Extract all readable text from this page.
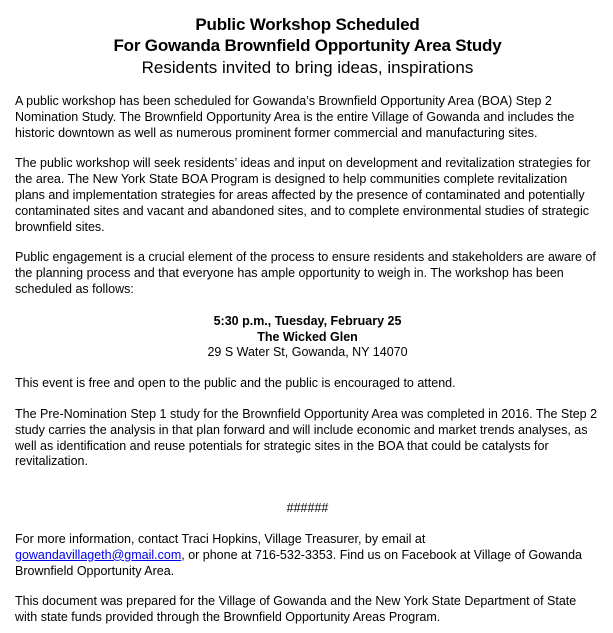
Public Workshop Scheduled
For Gowanda Brownfield Opportunity Area Study
Residents invited to bring ideas, inspirations

A public workshop has been scheduled for Gowanda’s Brownfield Opportunity Area (BOA) Step 2 Nomination Study. The Brownfield Opportunity Area is the entire Village of Gowanda and includes the historic downtown as well as numerous prominent former commercial and manufacturing sites.

The public workshop will seek residents’ ideas and input on development and revitalization strategies for the area. The New York State BOA Program is designed to help communities complete revitalization plans and implementation strategies for areas affected by the presence of contaminated and potentially contaminated sites and vacant and abandoned sites, and to complete environmental studies of strategic brownfield sites.

Public engagement is a crucial element of the process to ensure residents and stakeholders are aware of the planning process and that everyone has ample opportunity to weigh in. The workshop has been scheduled as follows:

5:30 p.m., Tuesday, February 25
The Wicked Glen
29 S Water St, Gowanda, NY 14070

This event is free and open to the public and the public is encouraged to attend.

The Pre-Nomination Step 1 study for the Brownfield Opportunity Area was completed in 2016. The Step 2 study carries the analysis in that plan forward and will include economic and market trends analyses, as well as identification and reuse potentials for strategic sites in the BOA that could be catalysts for revitalization.

######

For more information, contact Traci Hopkins, Village Treasurer, by email at
gowandavillageth@gmail.com, or phone at 716-532-3353. Find us on Facebook at Village of Gowanda Brownfield Opportunity Area.

This document was prepared for the Village of Gowanda and the New York State Department of State with state funds provided through the Brownfield Opportunity Areas Program.
